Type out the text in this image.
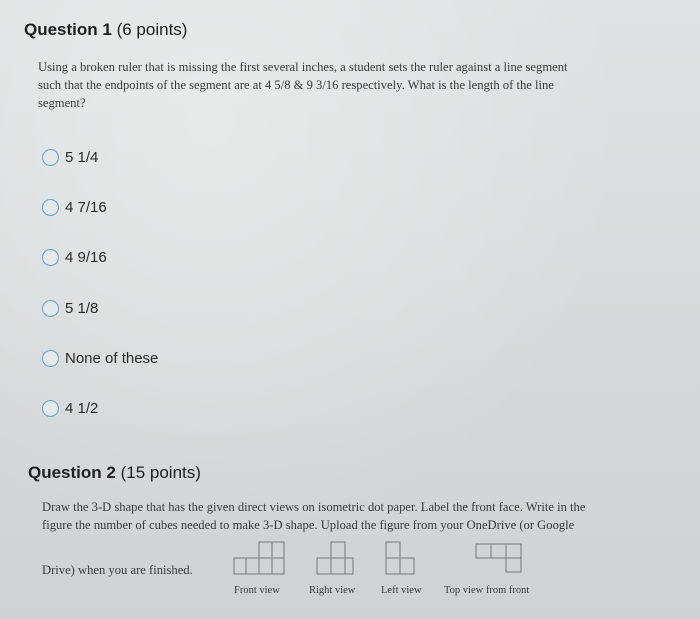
Question 1 (6 points)
Using a broken ruler that is missing the first several inches, a student sets the ruler against a line segment
such that the endpoints of the segment are at 4 5/8 & 9 3/16 respectively. What is the length of the line
segment?
5 1/4
4 7/16
4 9/16
5 1/8
None of these
4 1/2
Question 2 (15 points)
Draw the 3-D shape that has the given direct views on isometric dot paper. Label the front face. Write in the
figure the number of cubes needed to make 3-D shape. Upload the figure from your OneDrive (or Google
Drive) when you are finished.
Front view	Right view Left view Top view from front
